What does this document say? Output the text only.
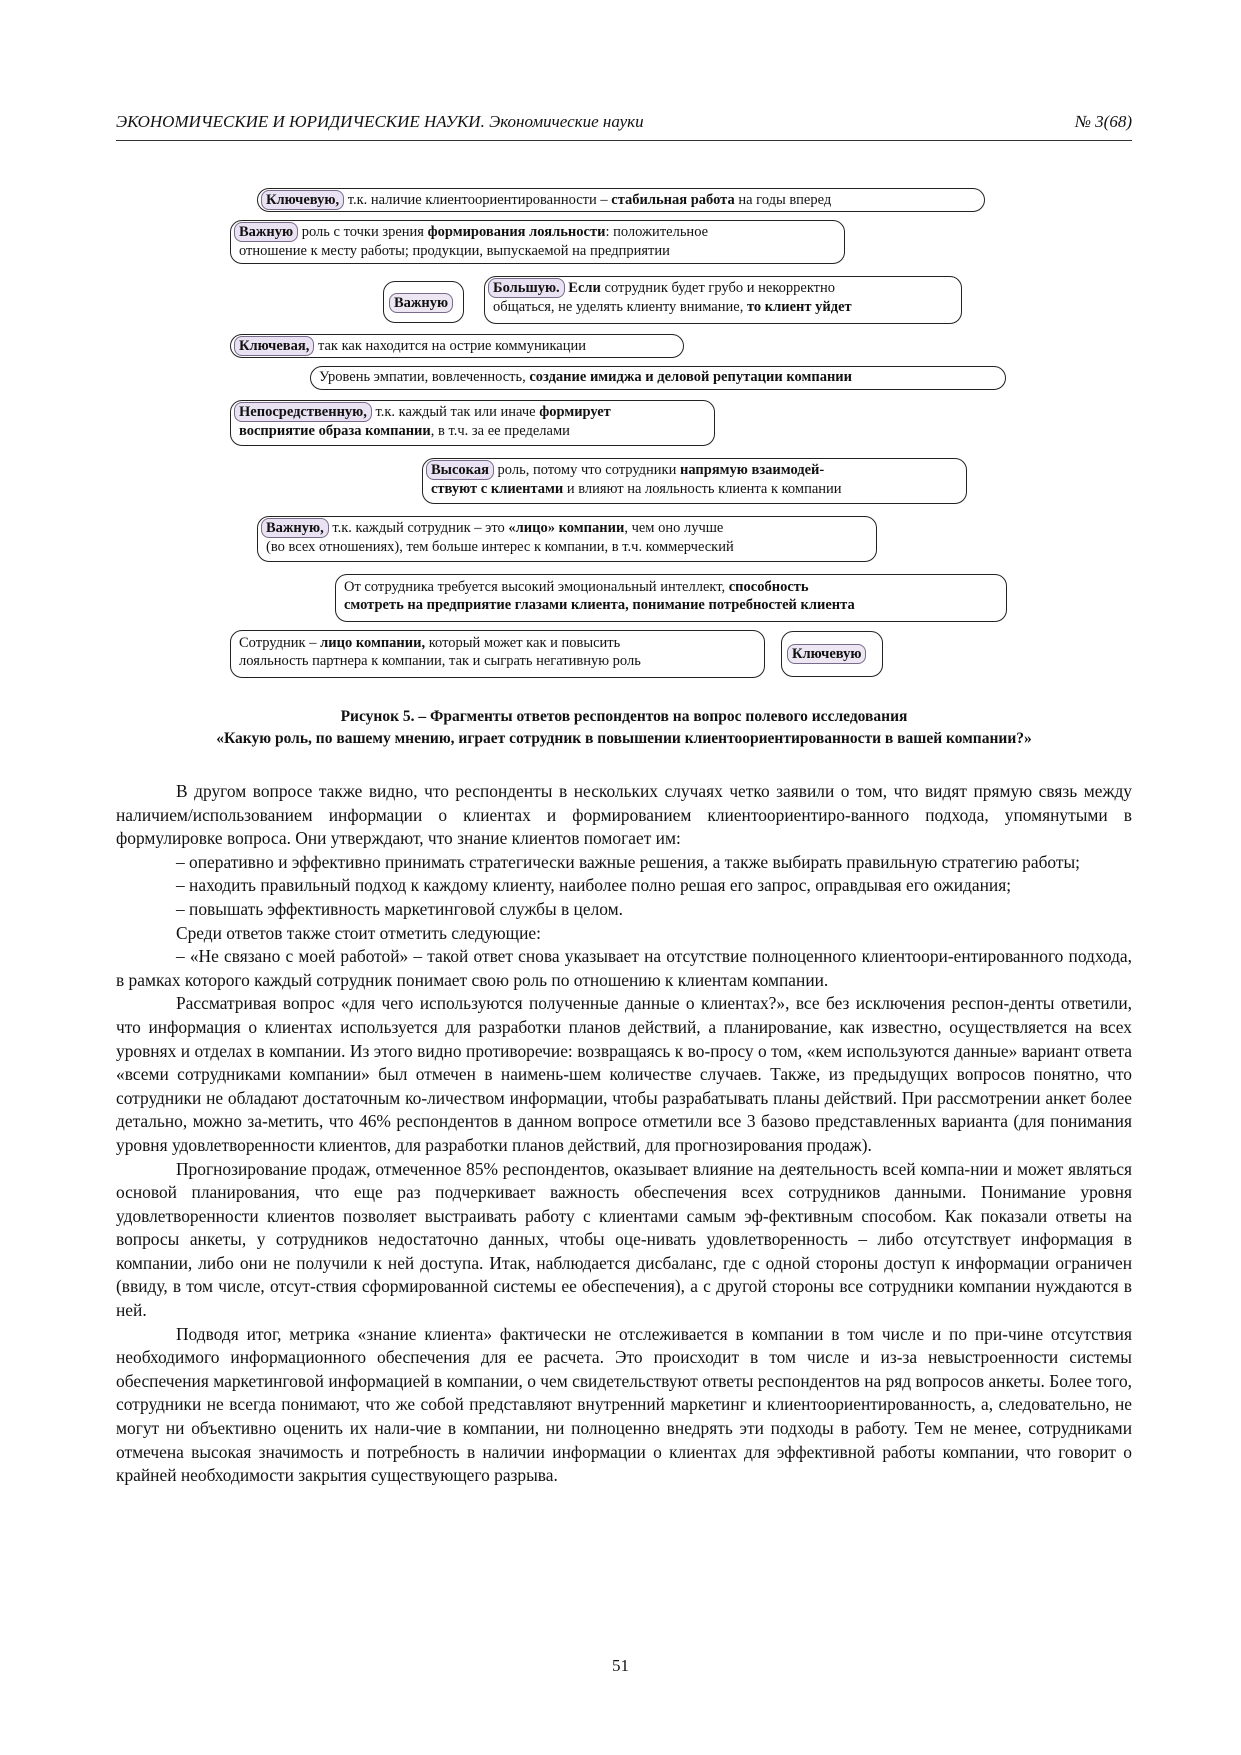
ЭКОНОМИЧЕСКИЕ И ЮРИДИЧЕСКИЕ НАУКИ. Экономические науки	№ 3(68)
Ключевую, т.к. наличие клиентоориентированности – стабильная работа на годы вперед
Важную роль с точки зрения формирования лояльности: положительное
отношение к месту работы; продукции, выпускаемой на предприятии
Важную
Большую. Если сотрудник будет грубо и некорректно
общаться, не уделять клиенту внимание, то клиент уйдет
Ключевая, так как находится на острие коммуникации
Уровень эмпатии, вовлеченность, создание имиджа и деловой репутации компании
Непосредственную, т.к. каждый так или иначе формирует
восприятие образа компании, в т.ч. за ее пределами
Высокая роль, потому что сотрудники напрямую взаимодей-
ствуют с клиентами и влияют на лояльность клиента к компании
Важную, т.к. каждый сотрудник – это «лицо» компании, чем оно лучше
(во всех отношениях), тем больше интерес к компании, в т.ч. коммерческий
От сотрудника требуется высокий эмоциональный интеллект, способность
смотреть на предприятие глазами клиента, понимание потребностей клиента
Сотрудник – лицо компании, который может как и повысить
лояльность партнера к компании, так и сыграть негативную роль	Ключевую
Рисунок 5. – Фрагменты ответов респондентов на вопрос полевого исследования
«Какую роль, по вашему мнению, играет сотрудник в повышении клиентоориентированности в вашей компании?»

В другом вопросе также видно, что респонденты в нескольких случаях четко заявили о том, что видят прямую связь между наличием/использованием информации о клиентах и формированием клиентоориентиро-ванного подхода, упомянутыми в формулировке вопроса. Они утверждают, что знание клиентов помогает им:

– оперативно и эффективно принимать стратегически важные решения, а также выбирать правильную стратегию работы;

– находить правильный подход к каждому клиенту, наиболее полно решая его запрос, оправдывая его ожидания;

– повышать эффективность маркетинговой службы в целом.

Среди ответов также стоит отметить следующие:

– «Не связано с моей работой» – такой ответ снова указывает на отсутствие полноценного клиентоори-ентированного подхода, в рамках которого каждый сотрудник понимает свою роль по отношению к клиентам компании.

Рассматривая вопрос «для чего используются полученные данные о клиентах?», все без исключения респон-денты ответили, что информация о клиентах используется для разработки планов действий, а планирование, как известно, осуществляется на всех уровнях и отделах в компании. Из этого видно противоречие: возвращаясь к во-просу о том, «кем используются данные» вариант ответа «всеми сотрудниками компании» был отмечен в наимень-шем количестве случаев. Также, из предыдущих вопросов понятно, что сотрудники не обладают достаточным ко-личеством информации, чтобы разрабатывать планы действий. При рассмотрении анкет более детально, можно за-метить, что 46% респондентов в данном вопросе отметили все 3 базово представленных варианта (для понимания уровня удовлетворенности клиентов, для разработки планов действий, для прогнозирования продаж).

Прогнозирование продаж, отмеченное 85% респондентов, оказывает влияние на деятельность всей компа-нии и может являться основой планирования, что еще раз подчеркивает важность обеспечения всех сотрудников данными. Понимание уровня удовлетворенности клиентов позволяет выстраивать работу с клиентами самым эф-фективным способом. Как показали ответы на вопросы анкеты, у сотрудников недостаточно данных, чтобы оце-нивать удовлетворенность – либо отсутствует информация в компании, либо они не получили к ней доступа. Итак, наблюдается дисбаланс, где с одной стороны доступ к информации ограничен (ввиду, в том числе, отсут-ствия сформированной системы ее обеспечения), а с другой стороны все сотрудники компании нуждаются в ней.

Подводя итог, метрика «знание клиента» фактически не отслеживается в компании в том числе и по при-чине отсутствия необходимого информационного обеспечения для ее расчета. Это происходит в том числе и из-за невыстроенности системы обеспечения маркетинговой информацией в компании, о чем свидетельствуют ответы респондентов на ряд вопросов анкеты. Более того, сотрудники не всегда понимают, что же собой представляют внутренний маркетинг и клиентоориентированность, а, следовательно, не могут ни объективно оценить их нали-чие в компании, ни полноценно внедрять эти подходы в работу. Тем не менее, сотрудниками отмечена высокая значимость и потребность в наличии информации о клиентах для эффективной работы компании, что говорит о крайней необходимости закрытия существующего разрыва.

51
